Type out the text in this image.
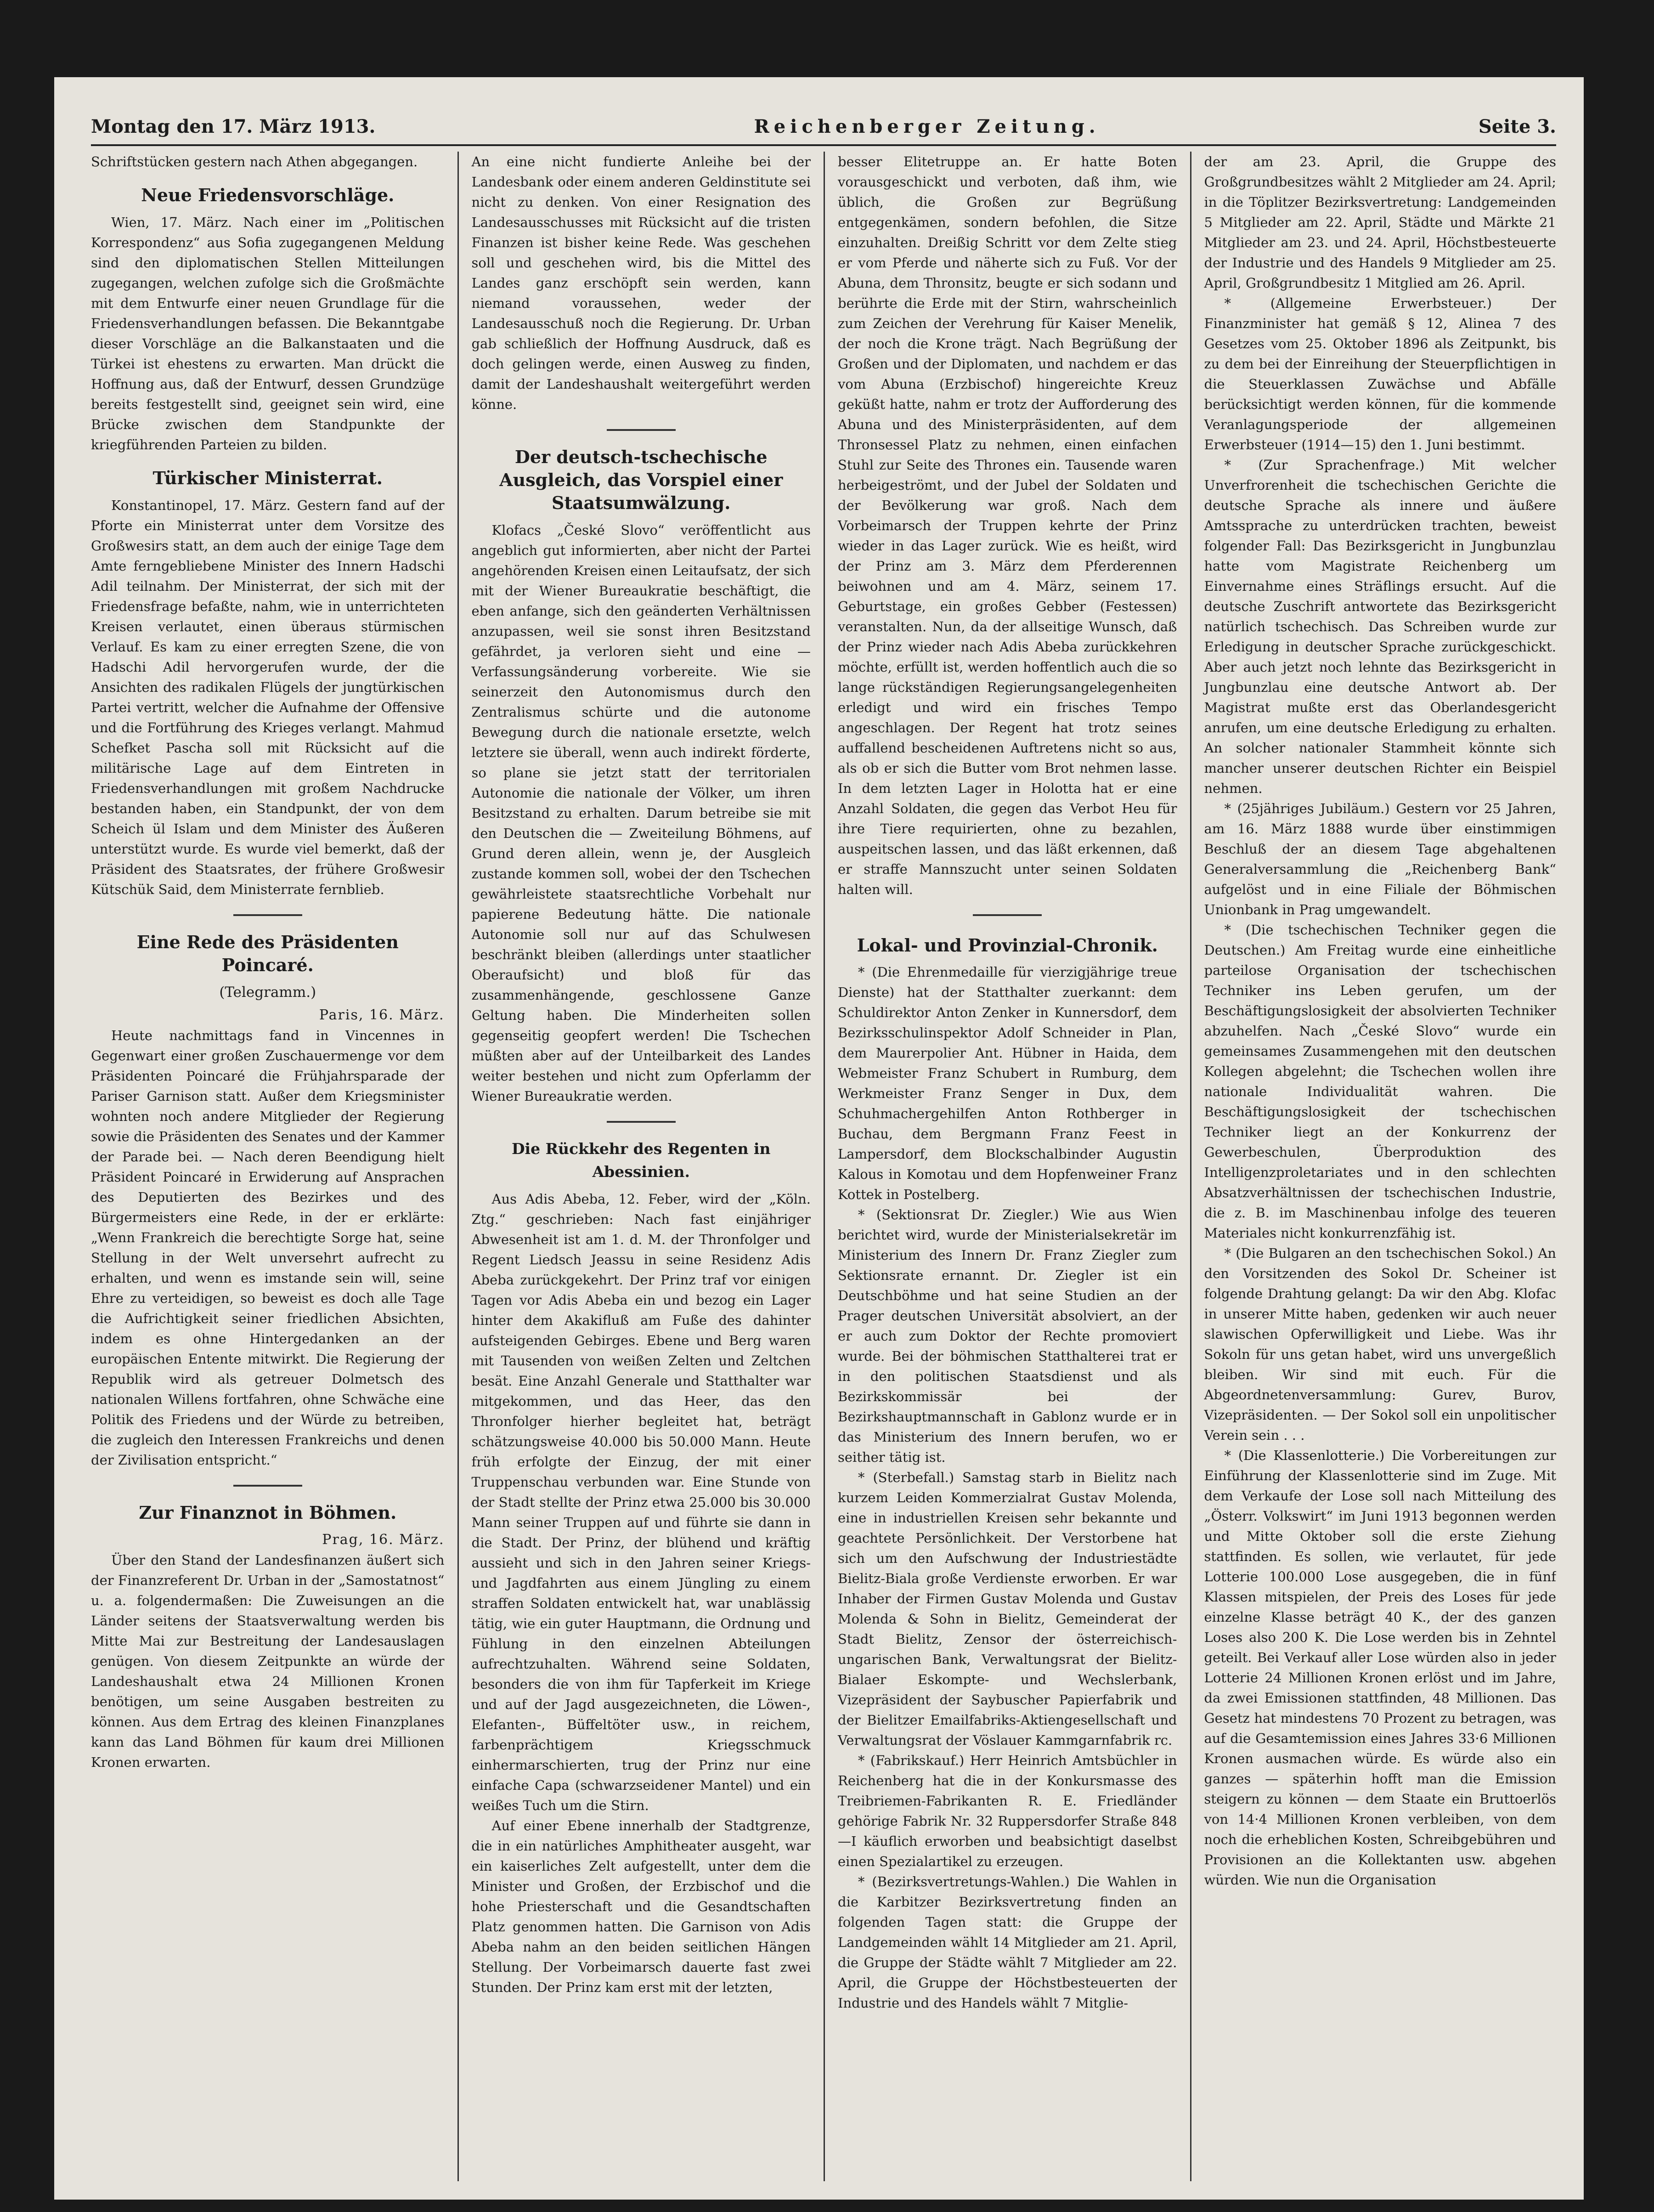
Montag den 17. März 1913.	Reichenberger Zeitung.	Seite 3.

Schriftstücken gestern nach Athen abgegangen.

Neue Friedensvorschläge.

Wien, 17. März. Nach einer im „Politischen Korrespondenz“ aus Sofia zugegangenen Meldung sind den diplomatischen Stellen Mitteilungen zugegangen, welchen zufolge sich die Großmächte mit dem Entwurfe einer neuen Grundlage für die Friedensverhandlungen befassen. Die Bekanntgabe dieser Vorschläge an die Balkanstaaten und die Türkei ist ehestens zu erwarten. Man drückt die Hoffnung aus, daß der Entwurf, dessen Grundzüge bereits festgestellt sind, geeignet sein wird, eine Brücke zwischen dem Standpunkte der kriegführenden Parteien zu bilden.

Türkischer Ministerrat.

Konstantinopel, 17. März. Gestern fand auf der Pforte ein Ministerrat unter dem Vorsitze des Großwesirs statt, an dem auch der einige Tage dem Amte ferngebliebene Minister des Innern Hadschi Adil teilnahm. Der Ministerrat, der sich mit der Friedensfrage befaßte, nahm, wie in unterrichteten Kreisen verlautet, einen überaus stürmischen Verlauf. Es kam zu einer erregten Szene, die von Hadschi Adil hervorgerufen wurde, der die Ansichten des radikalen Flügels der jungtürkischen Partei vertritt, welcher die Aufnahme der Offensive und die Fortführung des Krieges verlangt. Mahmud Schefket Pascha soll mit Rücksicht auf die militärische Lage auf dem Eintreten in Friedensverhandlungen mit großem Nachdrucke bestanden haben, ein Standpunkt, der von dem Scheich ül Islam und dem Minister des Äußeren unterstützt wurde. Es wurde viel bemerkt, daß der Präsident des Staatsrates, der frühere Großwesir Kütschük Said, dem Ministerrate fernblieb.

Eine Rede des Präsidenten Poincaré.
(Telegramm.)

Paris, 16. März.

Heute nachmittags fand in Vincennes in Gegenwart einer großen Zuschauermenge vor dem Präsidenten Poincaré die Frühjahrsparade der Pariser Garnison statt. Außer dem Kriegsminister wohnten noch andere Mitglieder der Regierung sowie die Präsidenten des Senates und der Kammer der Parade bei. — Nach deren Beendigung hielt Präsident Poincaré in Erwiderung auf Ansprachen des Deputierten des Bezirkes und des Bürgermeisters eine Rede, in der er erklärte: „Wenn Frankreich die berechtigte Sorge hat, seine Stellung in der Welt unversehrt aufrecht zu erhalten, und wenn es imstande sein will, seine Ehre zu verteidigen, so beweist es doch alle Tage die Aufrichtigkeit seiner friedlichen Absichten, indem es ohne Hintergedanken an der europäischen Entente mitwirkt. Die Regierung der Republik wird als getreuer Dolmetsch des nationalen Willens fortfahren, ohne Schwäche eine Politik des Friedens und der Würde zu betreiben, die zugleich den Interessen Frankreichs und denen der Zivilisation entspricht.“

Zur Finanznot in Böhmen.

Prag, 16. März.

Über den Stand der Landesfinanzen äußert sich der Finanzreferent Dr. Urban in der „Samostatnost“ u. a. folgendermaßen: Die Zuweisungen an die Länder seitens der Staatsverwaltung werden bis Mitte Mai zur Bestreitung der Landesauslagen genügen. Von diesem Zeitpunkte an würde der Landeshaushalt etwa 24 Millionen Kronen benötigen, um seine Ausgaben bestreiten zu können. Aus dem Ertrag des kleinen Finanzplanes kann das Land Böhmen für kaum drei Millionen Kronen erwarten.

An eine nicht fundierte Anleihe bei der Landesbank oder einem anderen Geldinstitute sei nicht zu denken. Von einer Resignation des Landesausschusses mit Rücksicht auf die tristen Finanzen ist bisher keine Rede. Was geschehen soll und geschehen wird, bis die Mittel des Landes ganz erschöpft sein werden, kann niemand voraussehen, weder der Landesausschuß noch die Regierung. Dr. Urban gab schließlich der Hoffnung Ausdruck, daß es doch gelingen werde, einen Ausweg zu finden, damit der Landeshaushalt weitergeführt werden könne.

Der deutsch-tschechische Ausgleich, das Vorspiel einer Staatsumwälzung.

Klofacs „České Slovo“ veröffentlicht aus angeblich gut informierten, aber nicht der Partei angehörenden Kreisen einen Leitaufsatz, der sich mit der Wiener Bureaukratie beschäftigt, die eben anfange, sich den geänderten Verhältnissen anzupassen, weil sie sonst ihren Besitzstand gefährdet, ja verloren sieht und eine — Verfassungsänderung vorbereite. Wie sie seinerzeit den Autonomismus durch den Zentralismus schürte und die autonome Bewegung durch die nationale ersetzte, welch letztere sie überall, wenn auch indirekt förderte, so plane sie jetzt statt der territorialen Autonomie die nationale der Völker, um ihren Besitzstand zu erhalten. Darum betreibe sie mit den Deutschen die — Zweiteilung Böhmens, auf Grund deren allein, wenn je, der Ausgleich zustande kommen soll, wobei der den Tschechen gewährleistete staatsrechtliche Vorbehalt nur papierene Bedeutung hätte. Die nationale Autonomie soll nur auf das Schulwesen beschränkt bleiben (allerdings unter staatlicher Oberaufsicht) und bloß für das zusammenhängende, geschlossene Ganze Geltung haben. Die Minderheiten sollen gegenseitig geopfert werden! Die Tschechen müßten aber auf der Unteilbarkeit des Landes weiter bestehen und nicht zum Opferlamm der Wiener Bureaukratie werden.

Die Rückkehr des Regenten in Abessinien.

Aus Adis Abeba, 12. Feber, wird der „Köln. Ztg.“ geschrieben: Nach fast einjähriger Abwesenheit ist am 1. d. M. der Thronfolger und Regent Liedsch Jeassu in seine Residenz Adis Abeba zurückgekehrt. Der Prinz traf vor einigen Tagen vor Adis Abeba ein und bezog ein Lager hinter dem Akakifluß am Fuße des dahinter aufsteigenden Gebirges. Ebene und Berg waren mit Tausenden von weißen Zelten und Zeltchen besät. Eine Anzahl Generale und Statthalter war mitgekommen, und das Heer, das den Thronfolger hierher begleitet hat, beträgt schätzungsweise 40.000 bis 50.000 Mann. Heute früh erfolgte der Einzug, der mit einer Truppenschau verbunden war. Eine Stunde von der Stadt stellte der Prinz etwa 25.000 bis 30.000 Mann seiner Truppen auf und führte sie dann in die Stadt. Der Prinz, der blühend und kräftig aussieht und sich in den Jahren seiner Kriegs- und Jagdfahrten aus einem Jüngling zu einem straffen Soldaten entwickelt hat, war unablässig tätig, wie ein guter Hauptmann, die Ordnung und Fühlung in den einzelnen Abteilungen aufrechtzuhalten. Während seine Soldaten, besonders die von ihm für Tapferkeit im Kriege und auf der Jagd ausgezeichneten, die Löwen-, Elefanten-, Büffeltöter usw., in reichem, farbenprächtigem Kriegsschmuck einhermarschierten, trug der Prinz nur eine einfache Capa (schwarzseidener Mantel) und ein weißes Tuch um die Stirn.

Auf einer Ebene innerhalb der Stadtgrenze, die in ein natürliches Amphitheater ausgeht, war ein kaiserliches Zelt aufgestellt, unter dem die Minister und Großen, der Erzbischof und die hohe Priesterschaft und die Gesandtschaften Platz genommen hatten. Die Garnison von Adis Abeba nahm an den beiden seitlichen Hängen Stellung. Der Vorbeimarsch dauerte fast zwei Stunden. Der Prinz kam erst mit der letzten,

besser Elitetruppe an. Er hatte Boten vorausgeschickt und verboten, daß ihm, wie üblich, die Großen zur Begrüßung entgegenkämen, sondern befohlen, die Sitze einzuhalten. Dreißig Schritt vor dem Zelte stieg er vom Pferde und näherte sich zu Fuß. Vor der Abuna, dem Thronsitz, beugte er sich sodann und berührte die Erde mit der Stirn, wahrscheinlich zum Zeichen der Verehrung für Kaiser Menelik, der noch die Krone trägt. Nach Begrüßung der Großen und der Diplomaten, und nachdem er das vom Abuna (Erzbischof) hingereichte Kreuz geküßt hatte, nahm er trotz der Aufforderung des Abuna und des Ministerpräsidenten, auf dem Thronsessel Platz zu nehmen, einen einfachen Stuhl zur Seite des Thrones ein. Tausende waren herbeigeströmt, und der Jubel der Soldaten und der Bevölkerung war groß. Nach dem Vorbeimarsch der Truppen kehrte der Prinz wieder in das Lager zurück. Wie es heißt, wird der Prinz am 3. März dem Pferderennen beiwohnen und am 4. März, seinem 17. Geburtstage, ein großes Gebber (Festessen) veranstalten. Nun, da der allseitige Wunsch, daß der Prinz wieder nach Adis Abeba zurückkehren möchte, erfüllt ist, werden hoffentlich auch die so lange rückständigen Regierungsangelegenheiten erledigt und wird ein frisches Tempo angeschlagen. Der Regent hat trotz seines auffallend bescheidenen Auftretens nicht so aus, als ob er sich die Butter vom Brot nehmen lasse. In dem letzten Lager in Holotta hat er eine Anzahl Soldaten, die gegen das Verbot Heu für ihre Tiere requirierten, ohne zu bezahlen, auspeitschen lassen, und das läßt erkennen, daß er straffe Mannszucht unter seinen Soldaten halten will.

Lokal- und Provinzial-Chronik.

* (Die Ehrenmedaille für vierzigjährige treue Dienste) hat der Statthalter zuerkannt: dem Schuldirektor Anton Zenker in Kunnersdorf, dem Bezirksschulinspektor Adolf Schneider in Plan, dem Maurerpolier Ant. Hübner in Haida, dem Webmeister Franz Schubert in Rumburg, dem Werkmeister Franz Senger in Dux, dem Schuhmachergehilfen Anton Rothberger in Buchau, dem Bergmann Franz Feest in Lampersdorf, dem Blockschalbinder Augustin Kalous in Komotau und dem Hopfenweiner Franz Kottek in Postelberg.

* (Sektionsrat Dr. Ziegler.) Wie aus Wien berichtet wird, wurde der Ministerialsekretär im Ministerium des Innern Dr. Franz Ziegler zum Sektionsrate ernannt. Dr. Ziegler ist ein Deutschböhme und hat seine Studien an der Prager deutschen Universität absolviert, an der er auch zum Doktor der Rechte promoviert wurde. Bei der böhmischen Statthalterei trat er in den politischen Staatsdienst und als Bezirkskommissär bei der Bezirkshauptmannschaft in Gablonz wurde er in das Ministerium des Innern berufen, wo er seither tätig ist.

* (Sterbefall.) Samstag starb in Bielitz nach kurzem Leiden Kommerzialrat Gustav Molenda, eine in industriellen Kreisen sehr bekannte und geachtete Persönlichkeit. Der Verstorbene hat sich um den Aufschwung der Industriestädte Bielitz-Biala große Verdienste erworben. Er war Inhaber der Firmen Gustav Molenda und Gustav Molenda & Sohn in Bielitz, Gemeinderat der Stadt Bielitz, Zensor der österreichisch-ungarischen Bank, Verwaltungsrat der Bielitz-Bialaer Eskompte- und Wechslerbank, Vizepräsident der Saybuscher Papierfabrik und der Bielitzer Emailfabriks-Aktiengesellschaft und Verwaltungsrat der Vöslauer Kammgarnfabrik rc.

* (Fabrikskauf.) Herr Heinrich Amtsbüchler in Reichenberg hat die in der Konkursmasse des Treibriemen-Fabrikanten R. E. Friedländer gehörige Fabrik Nr. 32 Ruppersdorfer Straße 848—I käuflich erworben und beabsichtigt daselbst einen Spezialartikel zu erzeugen.

* (Bezirksvertretungs-Wahlen.) Die Wahlen in die Karbitzer Bezirksvertretung finden an folgenden Tagen statt: die Gruppe der Landgemeinden wählt 14 Mitglieder am 21. April, die Gruppe der Städte wählt 7 Mitglieder am 22. April, die Gruppe der Höchstbesteuerten der Industrie und des Handels wählt 7 Mitglie-

der am 23. April, die Gruppe des Großgrundbesitzes wählt 2 Mitglieder am 24. April; in die Töplitzer Bezirksvertretung: Landgemeinden 5 Mitglieder am 22. April, Städte und Märkte 21 Mitglieder am 23. und 24. April, Höchstbesteuerte der Industrie und des Handels 9 Mitglieder am 25. April, Großgrundbesitz 1 Mitglied am 26. April.

* (Allgemeine Erwerbsteuer.) Der Finanzminister hat gemäß § 12, Alinea 7 des Gesetzes vom 25. Oktober 1896 als Zeitpunkt, bis zu dem bei der Einreihung der Steuerpflichtigen in die Steuerklassen Zuwächse und Abfälle berücksichtigt werden können, für die kommende Veranlagungsperiode der allgemeinen Erwerbsteuer (1914—15) den 1. Juni bestimmt.

* (Zur Sprachenfrage.) Mit welcher Unverfrorenheit die tschechischen Gerichte die deutsche Sprache als innere und äußere Amtssprache zu unterdrücken trachten, beweist folgender Fall: Das Bezirksgericht in Jungbunzlau hatte vom Magistrate Reichenberg um Einvernahme eines Sträflings ersucht. Auf die deutsche Zuschrift antwortete das Bezirksgericht natürlich tschechisch. Das Schreiben wurde zur Erledigung in deutscher Sprache zurückgeschickt. Aber auch jetzt noch lehnte das Bezirksgericht in Jungbunzlau eine deutsche Antwort ab. Der Magistrat mußte erst das Oberlandesgericht anrufen, um eine deutsche Erledigung zu erhalten. An solcher nationaler Stammheit könnte sich mancher unserer deutschen Richter ein Beispiel nehmen.

* (25jähriges Jubiläum.) Gestern vor 25 Jahren, am 16. März 1888 wurde über einstimmigen Beschluß der an diesem Tage abgehaltenen Generalversammlung die „Reichenberg Bank“ aufgelöst und in eine Filiale der Böhmischen Unionbank in Prag umgewandelt.

* (Die tschechischen Techniker gegen die Deutschen.) Am Freitag wurde eine einheitliche parteilose Organisation der tschechischen Techniker ins Leben gerufen, um der Beschäftigungslosigkeit der absolvierten Techniker abzuhelfen. Nach „České Slovo“ wurde ein gemeinsames Zusammengehen mit den deutschen Kollegen abgelehnt; die Tschechen wollen ihre nationale Individualität wahren. Die Beschäftigungslosigkeit der tschechischen Techniker liegt an der Konkurrenz der Gewerbeschulen, Überproduktion des Intelligenzproletariates und in den schlechten Absatzverhältnissen der tschechischen Industrie, die z. B. im Maschinenbau infolge des teueren Materiales nicht konkurrenzfähig ist.

* (Die Bulgaren an den tschechischen Sokol.) An den Vorsitzenden des Sokol Dr. Scheiner ist folgende Drahtung gelangt: Da wir den Abg. Klofac in unserer Mitte haben, gedenken wir auch neuer slawischen Opferwilligkeit und Liebe. Was ihr Sokoln für uns getan habet, wird uns unvergeßlich bleiben. Wir sind mit euch. Für die Abgeordnetenversammlung: Gurev, Burov, Vizepräsidenten. — Der Sokol soll ein unpolitischer Verein sein . . .

* (Die Klassenlotterie.) Die Vorbereitungen zur Einführung der Klassenlotterie sind im Zuge. Mit dem Verkaufe der Lose soll nach Mitteilung des „Österr. Volkswirt“ im Juni 1913 begonnen werden und Mitte Oktober soll die erste Ziehung stattfinden. Es sollen, wie verlautet, für jede Lotterie 100.000 Lose ausgegeben, die in fünf Klassen mitspielen, der Preis des Loses für jede einzelne Klasse beträgt 40 K., der des ganzen Loses also 200 K. Die Lose werden bis in Zehntel geteilt. Bei Verkauf aller Lose würden also in jeder Lotterie 24 Millionen Kronen erlöst und im Jahre, da zwei Emissionen stattfinden, 48 Millionen. Das Gesetz hat mindestens 70 Prozent zu betragen, was auf die Gesamtemission eines Jahres 33·6 Millionen Kronen ausmachen würde. Es würde also ein ganzes — späterhin hofft man die Emission steigern zu können — dem Staate ein Bruttoerlös von 14·4 Millionen Kronen verbleiben, von dem noch die erheblichen Kosten, Schreibgebühren und Provisionen an die Kollektanten usw. abgehen würden. Wie nun die Organisation
